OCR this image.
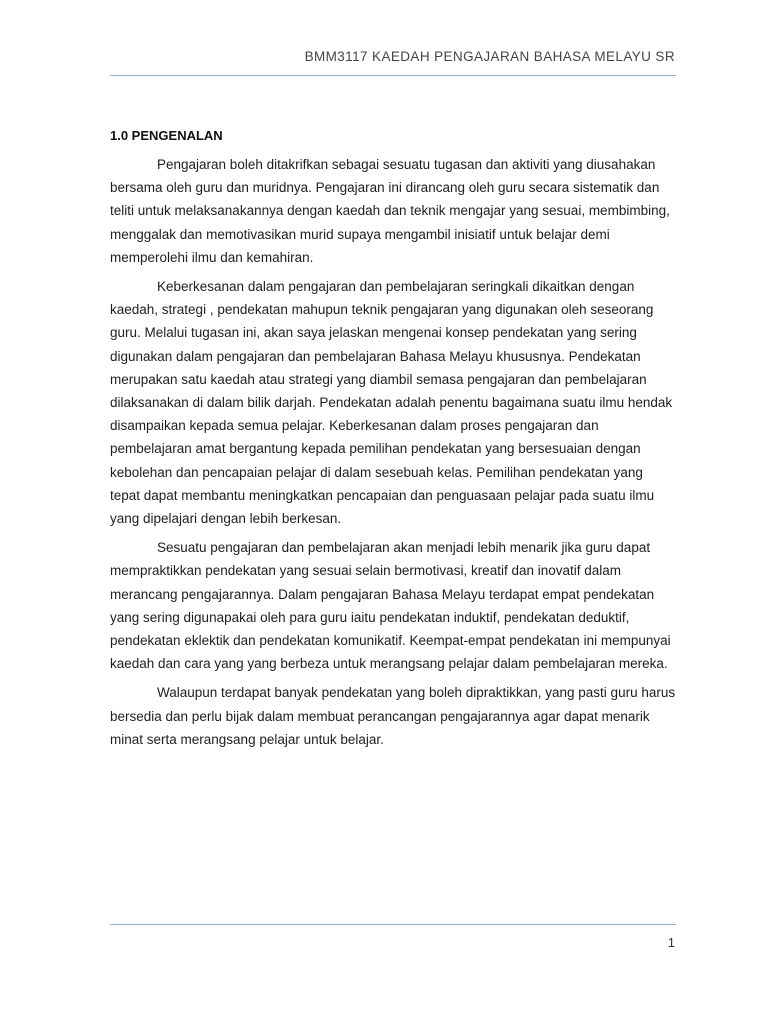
BMM3117 KAEDAH PENGAJARAN BAHASA MELAYU SR
1.0 PENGENALAN

Pengajaran boleh ditakrifkan sebagai sesuatu tugasan dan aktiviti yang diusahakan bersama oleh guru dan muridnya. Pengajaran ini dirancang oleh guru secara sistematik dan teliti untuk melaksanakannya dengan kaedah dan teknik mengajar yang sesuai, membimbing, menggalak dan memotivasikan murid supaya mengambil inisiatif untuk belajar demi memperolehi ilmu dan kemahiran.

Keberkesanan dalam pengajaran dan pembelajaran seringkali dikaitkan dengan kaedah, strategi , pendekatan mahupun teknik pengajaran yang digunakan oleh seseorang guru. Melalui tugasan ini, akan saya jelaskan mengenai konsep pendekatan yang sering digunakan dalam pengajaran dan pembelajaran Bahasa Melayu khususnya. Pendekatan merupakan satu kaedah atau strategi yang diambil semasa pengajaran dan pembelajaran dilaksanakan di dalam bilik darjah. Pendekatan adalah penentu bagaimana suatu ilmu hendak disampaikan kepada semua pelajar. Keberkesanan dalam proses pengajaran dan pembelajaran amat bergantung kepada pemilihan pendekatan yang bersesuaian dengan kebolehan dan pencapaian pelajar di dalam sesebuah kelas. Pemilihan pendekatan yang tepat dapat membantu meningkatkan pencapaian dan penguasaan pelajar pada suatu ilmu yang dipelajari dengan lebih berkesan.

Sesuatu pengajaran dan pembelajaran akan menjadi lebih menarik jika guru dapat mempraktikkan pendekatan yang sesuai selain bermotivasi, kreatif dan inovatif dalam merancang pengajarannya. Dalam pengajaran Bahasa Melayu terdapat empat pendekatan yang sering digunapakai oleh para guru iaitu pendekatan induktif, pendekatan deduktif, pendekatan eklektik dan pendekatan komunikatif. Keempat-empat pendekatan ini mempunyai kaedah dan cara yang yang berbeza untuk merangsang pelajar dalam pembelajaran mereka.

Walaupun terdapat banyak pendekatan yang boleh dipraktikkan, yang pasti guru harus bersedia dan perlu bijak dalam membuat perancangan pengajarannya agar dapat menarik minat serta merangsang pelajar untuk belajar.

1
